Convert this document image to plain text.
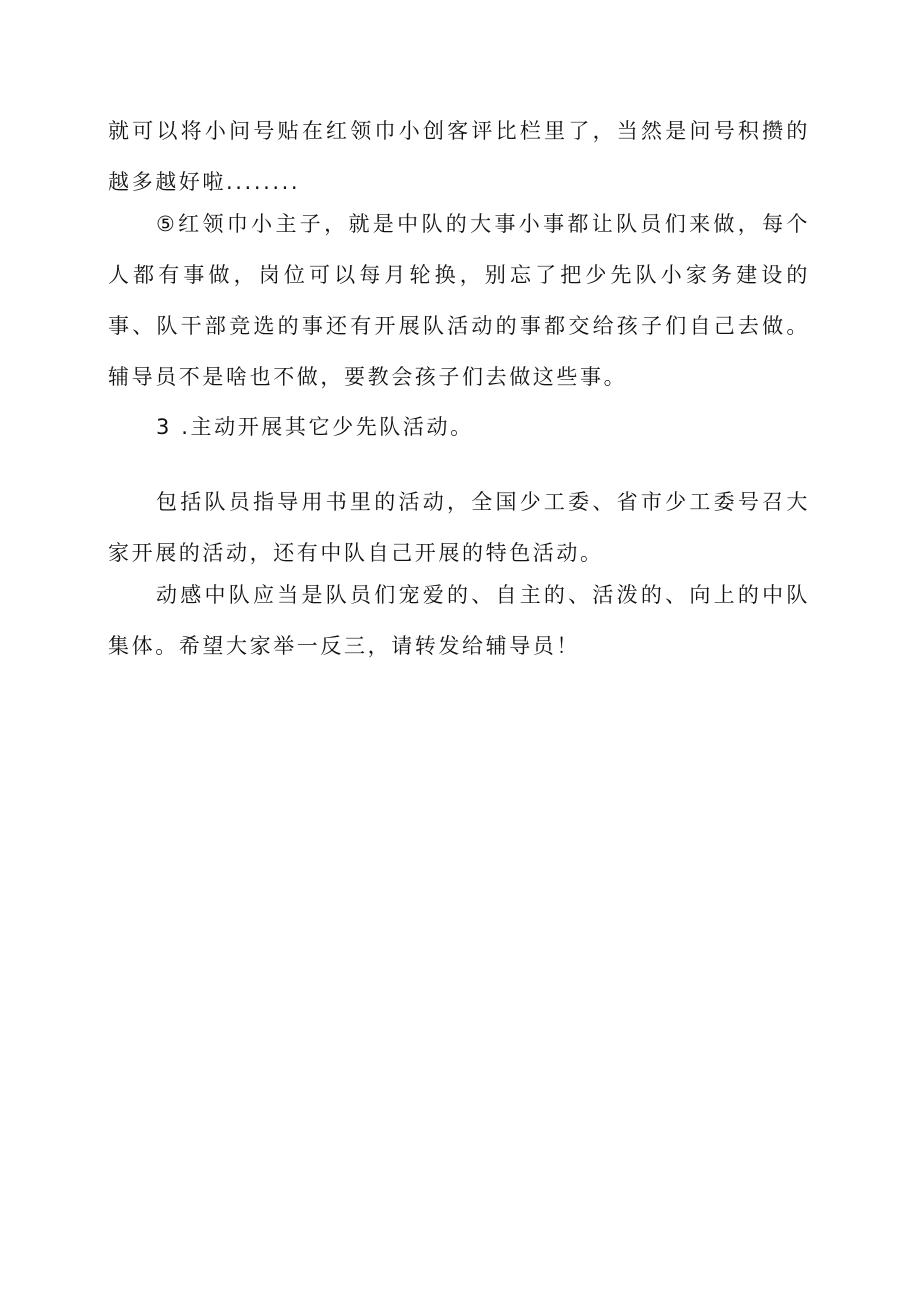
就可以将小问号贴在红领巾小创客评比栏里了，当然是问号积攒的越多越好啦........

⑤红领巾小主子，就是中队的大事小事都让队员们来做，每个人都有事做，岗位可以每月轮换，别忘了把少先队小家务建设的事、队干部竞选的事还有开展队活动的事都交给孩子们自己去做。辅导员不是啥也不做，要教会孩子们去做这些事。

3 .主动开展其它少先队活动。

包括队员指导用书里的活动，全国少工委、省市少工委号召大家开展的活动，还有中队自己开展的特色活动。

动感中队应当是队员们宠爱的、自主的、活泼的、向上的中队集体。希望大家举一反三，请转发给辅导员！
